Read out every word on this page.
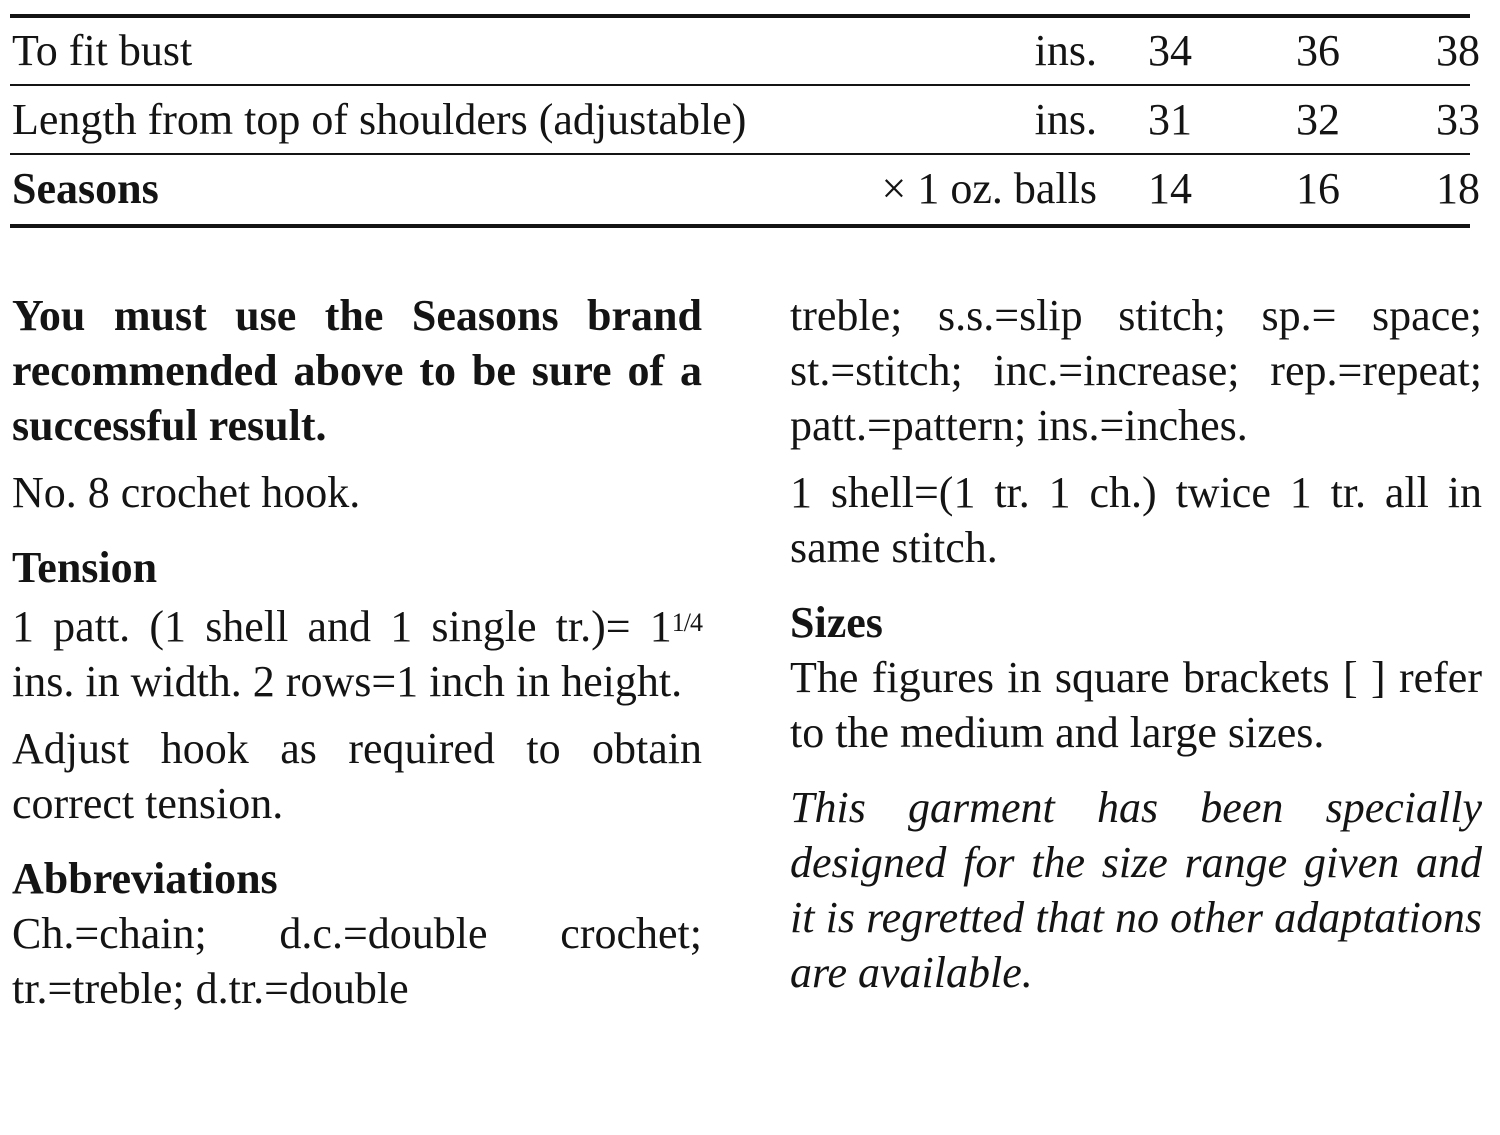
To fit bust	ins. 34 36 38
Length from top of shoulders (adjustable)	ins. 31 32 33
Seasons	× 1 oz. balls 14 16 18

You must use the Seasons brand recommended above to be sure of a successful result.

No. 8 crochet hook.

Tension

1 patt. (1 shell and 1 single $tr.)= 1^{1/4}$ ins. in width. 2 rows=1 inch in height.

Adjust hook as required to obtain correct tension.

Abbreviations

Ch.=chain; d.c.=double crochet; tr.=treble; d.tr.=double

treble; s.s.=slip stitch; sp.= space; st.=stitch; inc.=increase; rep.=repeat; patt.=pattern; ins.=inches.

1 shell=(1 tr. 1 ch.) twice 1 tr. all in same stitch.

Sizes

The figures in square brackets [ ] refer to the medium and large sizes.

This garment has been specially designed for the size range given and it is regretted that no other adaptations are available.
